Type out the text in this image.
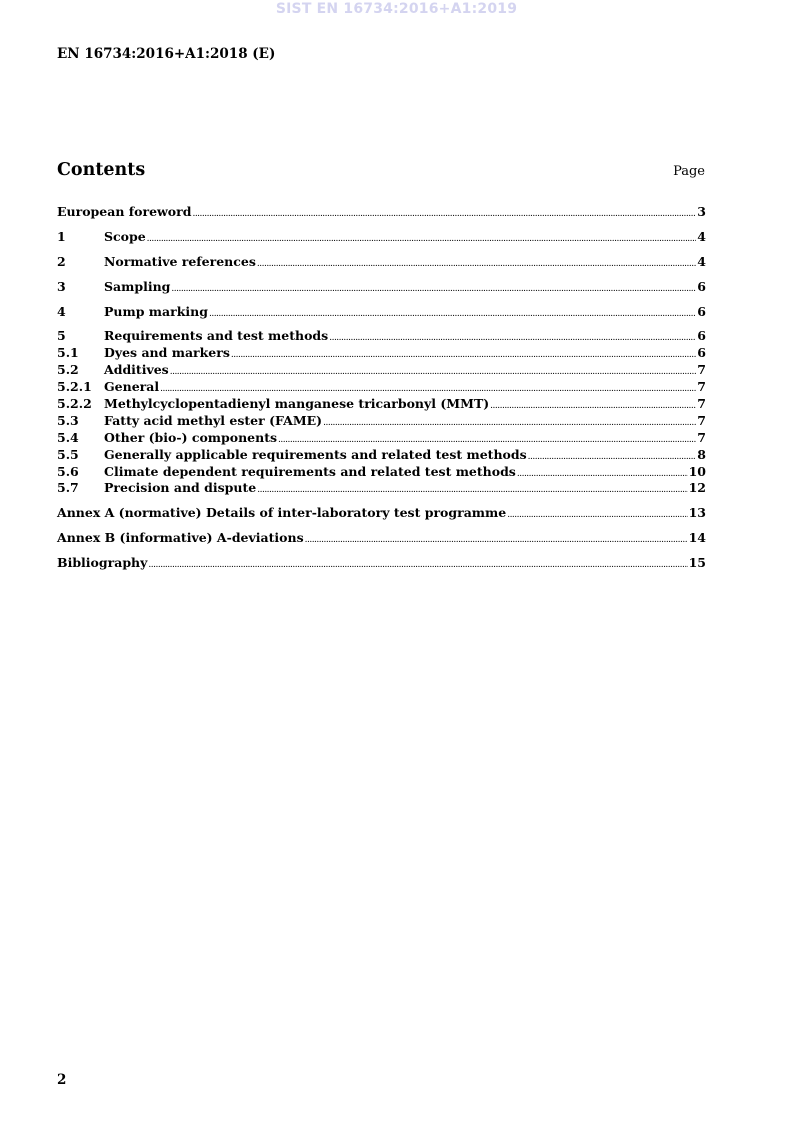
SIST EN 16734:2016+A1:2019
EN 16734:2016+A1:2018 (E)
Contents	Page
European foreword .....	3
1	Scope .....	4
2	Normative references .....	4
3	Sampling .....	6
4	Pump marking .....	6
5	Requirements and test methods .....	6
5.1	Dyes and markers .....	6
5.2	Additives .....	7
5.2.1 General .....	7
5.2.2 Methylcyclopentadienyl manganese tricarbonyl (MMT) .....	7
5.3	Fatty acid methyl ester (FAME) .....	7
5.4	Other (bio-) components .....	7
5.5	Generally applicable requirements and related test methods .....	8
5.6	Climate dependent requirements and related test methods .....	10
5.7	Precision and dispute .....	12
Annex A (normative) Details of inter-laboratory test programme .....	13
Annex B (informative) A-deviations .....	14
Bibliography .....	15
2
